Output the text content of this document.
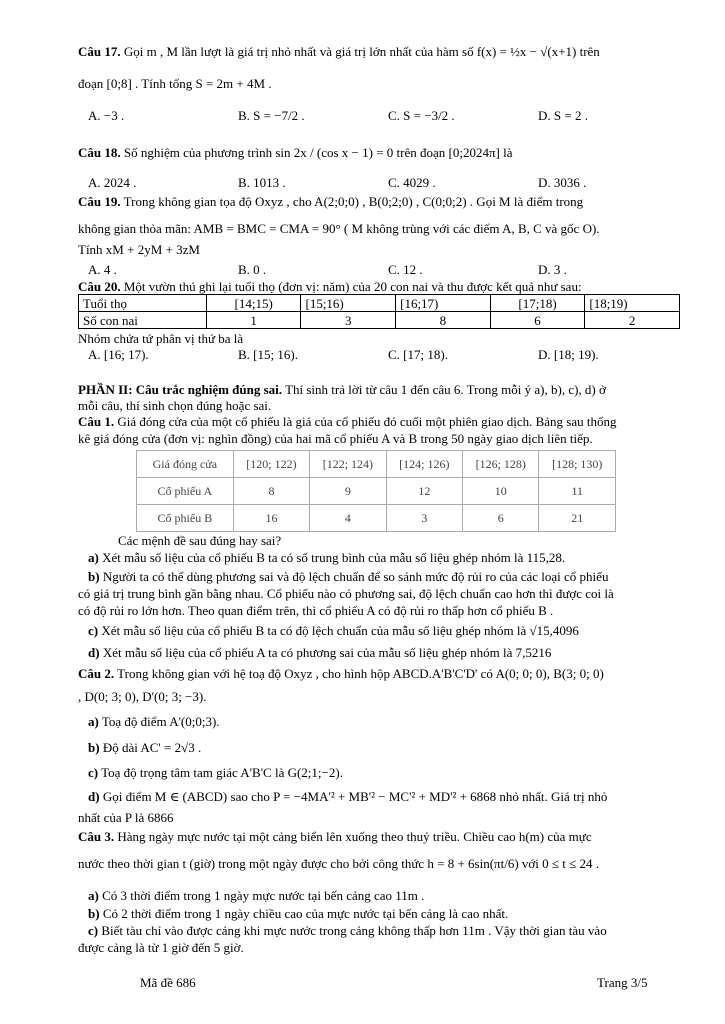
Câu 17. Gọi m , M lần lượt là giá trị nhỏ nhất và giá trị lớn nhất của hàm số f(x) = ½x − √(x+1) trên
đoạn [0;8] . Tính tổng S = 2m + 4M .
A. −3 .	B. S = −7/2 .	C. S = −3/2 .	D. S = 2 .
Câu 18. Số nghiệm của phương trình sin 2x / (cos x − 1) = 0 trên đoạn [0;2024π] là
A. 2024 .	B. 1013 .	C. 4029 .	D. 3036 .
Câu 19. Trong không gian tọa độ Oxyz , cho A(2;0;0) , B(0;2;0) , C(0;0;2) . Gọi M là điểm trong
không gian thỏa mãn: AMB = BMC = CMA = 90° ( M không trùng với các điểm A, B, C và gốc O).
Tính xM + 2yM + 3zM
A. 4 .	B. 0 .	C. 12 .	D. 3 .
Câu 20. Một vườn thú ghi lại tuổi thọ (đơn vị: năm) của 20 con nai và thu được kết quả như sau:
Tuổi thọ	[14;15)	[15;16)	[16;17)	[17;18)	[18;19)
Số con nai	1	3	8	6	2
Nhóm chứa tứ phân vị thứ ba là
A. [16; 17).	B. [15; 16).	C. [17; 18).	D. [18; 19).
PHẦN II: Câu trắc nghiệm đúng sai. Thí sinh trả lời từ câu 1 đến câu 6. Trong mỗi ý a), b), c), d) ở
mỗi câu, thí sinh chọn đúng hoặc sai.
Câu 1. Giá đóng cửa của một cổ phiếu là giá của cổ phiếu đó cuối một phiên giao dịch. Bảng sau thống
kê giá đóng cửa (đơn vị: nghìn đồng) của hai mã cổ phiếu A và B trong 50 ngày giao dịch liên tiếp.
Giá đóng cửa	[120; 122)	[122; 124)	[124; 126)	[126; 128)	[128; 130)
Cổ phiếu A	8	9	12	10	11
Cổ phiếu B	16	4	3	6	21
Các mệnh đề sau đúng hay sai?
a) Xét mẫu số liệu của cổ phiếu B ta có số trung bình của mẫu số liệu ghép nhóm là 115,28.
b) Người ta có thể dùng phương sai và độ lệch chuẩn để so sánh mức độ rủi ro của các loại cổ phiếu
có giá trị trung bình gần bằng nhau. Cổ phiếu nào có phương sai, độ lệch chuẩn cao hơn thì được coi là
có độ rủi ro lớn hơn. Theo quan điểm trên, thì cổ phiếu A có độ rủi ro thấp hơn cổ phiếu B .
c) Xét mẫu số liệu của cổ phiếu B ta có độ lệch chuẩn của mẫu số liệu ghép nhóm là √15,4096
d) Xét mẫu số liệu của cổ phiếu A ta có phương sai của mẫu số liệu ghép nhóm là 7,5216
Câu 2. Trong không gian với hệ toạ độ Oxyz , cho hình hộp ABCD.A'B'C'D' có A(0; 0; 0), B(3; 0; 0)
, D(0; 3; 0), D'(0; 3; −3).
a) Toạ độ điểm A'(0;0;3).
b) Độ dài AC' = 2√3 .
c) Toạ độ trọng tâm tam giác A'B'C là G(2;1;−2).
d) Gọi điểm M ∈ (ABCD) sao cho P = −4MA'² + MB'² − MC'² + MD'² + 6868 nhỏ nhất. Giá trị nhỏ
nhất của P là 6866
Câu 3. Hàng ngày mực nước tại một cảng biển lên xuống theo thuỷ triều. Chiều cao h(m) của mực
nước theo thời gian t (giờ) trong một ngày được cho bởi công thức h = 8 + 6sin(πt/6) với 0 ≤ t ≤ 24 .
a) Có 3 thời điểm trong 1 ngày mực nước tại bến cảng cao 11m .
b) Có 2 thời điểm trong 1 ngày chiều cao của mực nước tại bến cảng là cao nhất.
c) Biết tàu chỉ vào được cảng khi mực nước trong cảng không thấp hơn 11m . Vậy thời gian tàu vào
được cảng là từ 1 giờ đến 5 giờ.
Mã đề 686	Trang 3/5
